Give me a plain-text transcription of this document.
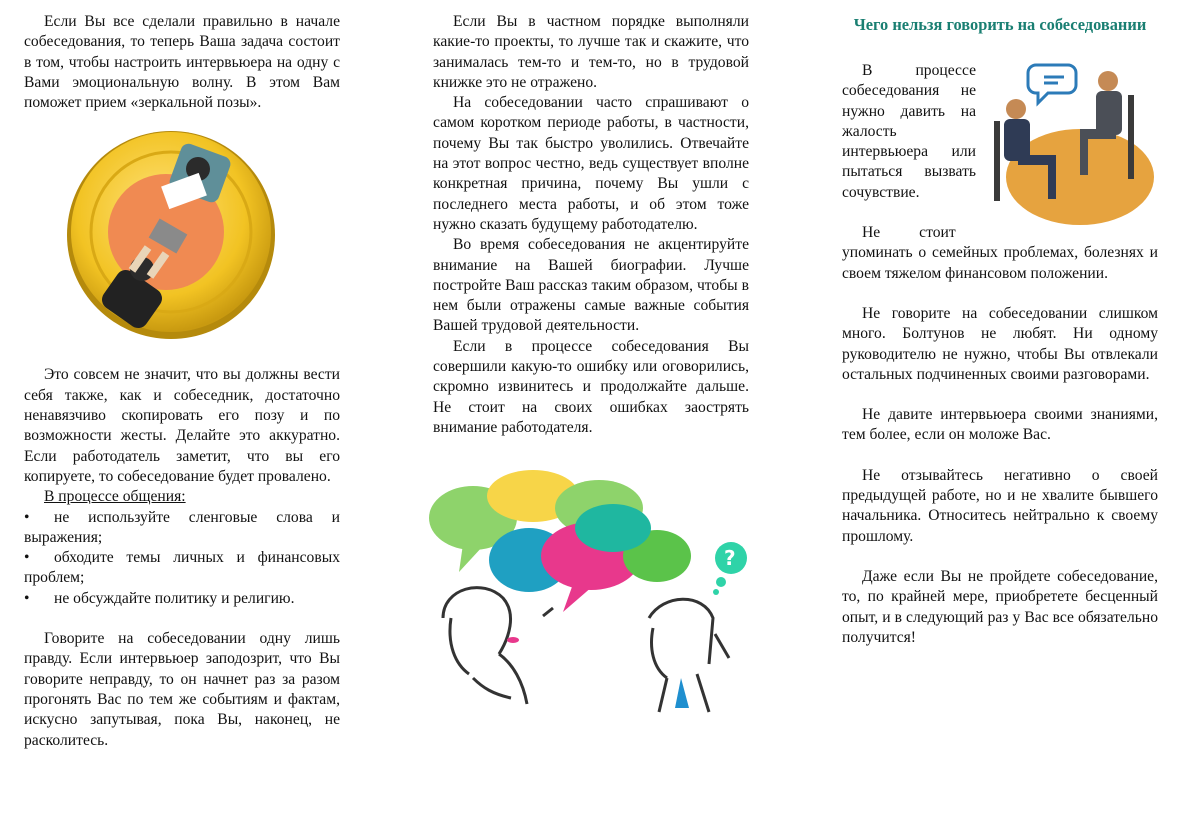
Если Вы все сделали правильно в начале собеседования, то теперь Ваша задача состоит в том, чтобы настроить интервьюера на одну с Вами эмоциональную волну. В этом Вам поможет прием «зеркальной позы».

Это совсем не значит, что вы должны вести себя также, как и собеседник, достаточно ненавязчиво скопировать его позу и по возможности жесты. Делайте это аккуратно. Если работодатель заметит, что вы его копируете, то собеседование будет провалено.

В процессе общения:

• не используйте сленговые слова и выражения;
• обходите темы личных и финансовых проблем;
• не обсуждайте политику и религию.

Говорите на собеседовании одну лишь правду. Если интервьюер заподозрит, что Вы говорите неправду, то он начнет раз за разом прогонять Вас по тем же событиям и фактам, искусно запутывая, пока Вы, наконец, не расколитесь.

Если Вы в частном порядке выполняли какие-то проекты, то лучше так и скажите, что занималась тем-то и тем-то, но в трудовой книжке это не отражено.

На собеседовании часто спрашивают о самом коротком периоде работы, в частности, почему Вы так быстро уволились. Отвечайте на этот вопрос честно, ведь существует вполне конкретная причина, почему Вы ушли с последнего места работы, и об этом тоже нужно сказать будущему работодателю.

Во время собеседования не акцентируйте внимание на Вашей биографии. Лучше постройте Ваш рассказ таким образом, чтобы в нем были отражены самые важные события Вашей трудовой деятельности.

Если в процессе собеседования Вы совершили какую-то ошибку или оговорились, скромно извинитесь и продолжайте дальше. Не стоит на своих ошибках заострять внимание работодателя.

?
Чего нельзя говорить на собеседовании

В процессе собеседования не нужно давить на жалость интервьюера или пытаться вызвать сочувствие.

Не          стоит

упоминать о семейных проблемах, болезнях и своем тяжелом финансовом положении.

Не говорите на собеседовании слишком много. Болтунов не любят. Ни одному руководителю не нужно, чтобы Вы отвлекали остальных подчиненных своими разговорами.

Не давите интервьюера своими знаниями, тем более, если он моложе Вас.

Не отзывайтесь негативно о своей предыдущей работе, но и не хвалите бывшего начальника. Относитесь нейтрально к своему прошлому.

Даже если Вы не пройдете собеседование, то, по крайней мере, приобретете бесценный опыт, и в следующий раз у Вас все обязательно получится!
